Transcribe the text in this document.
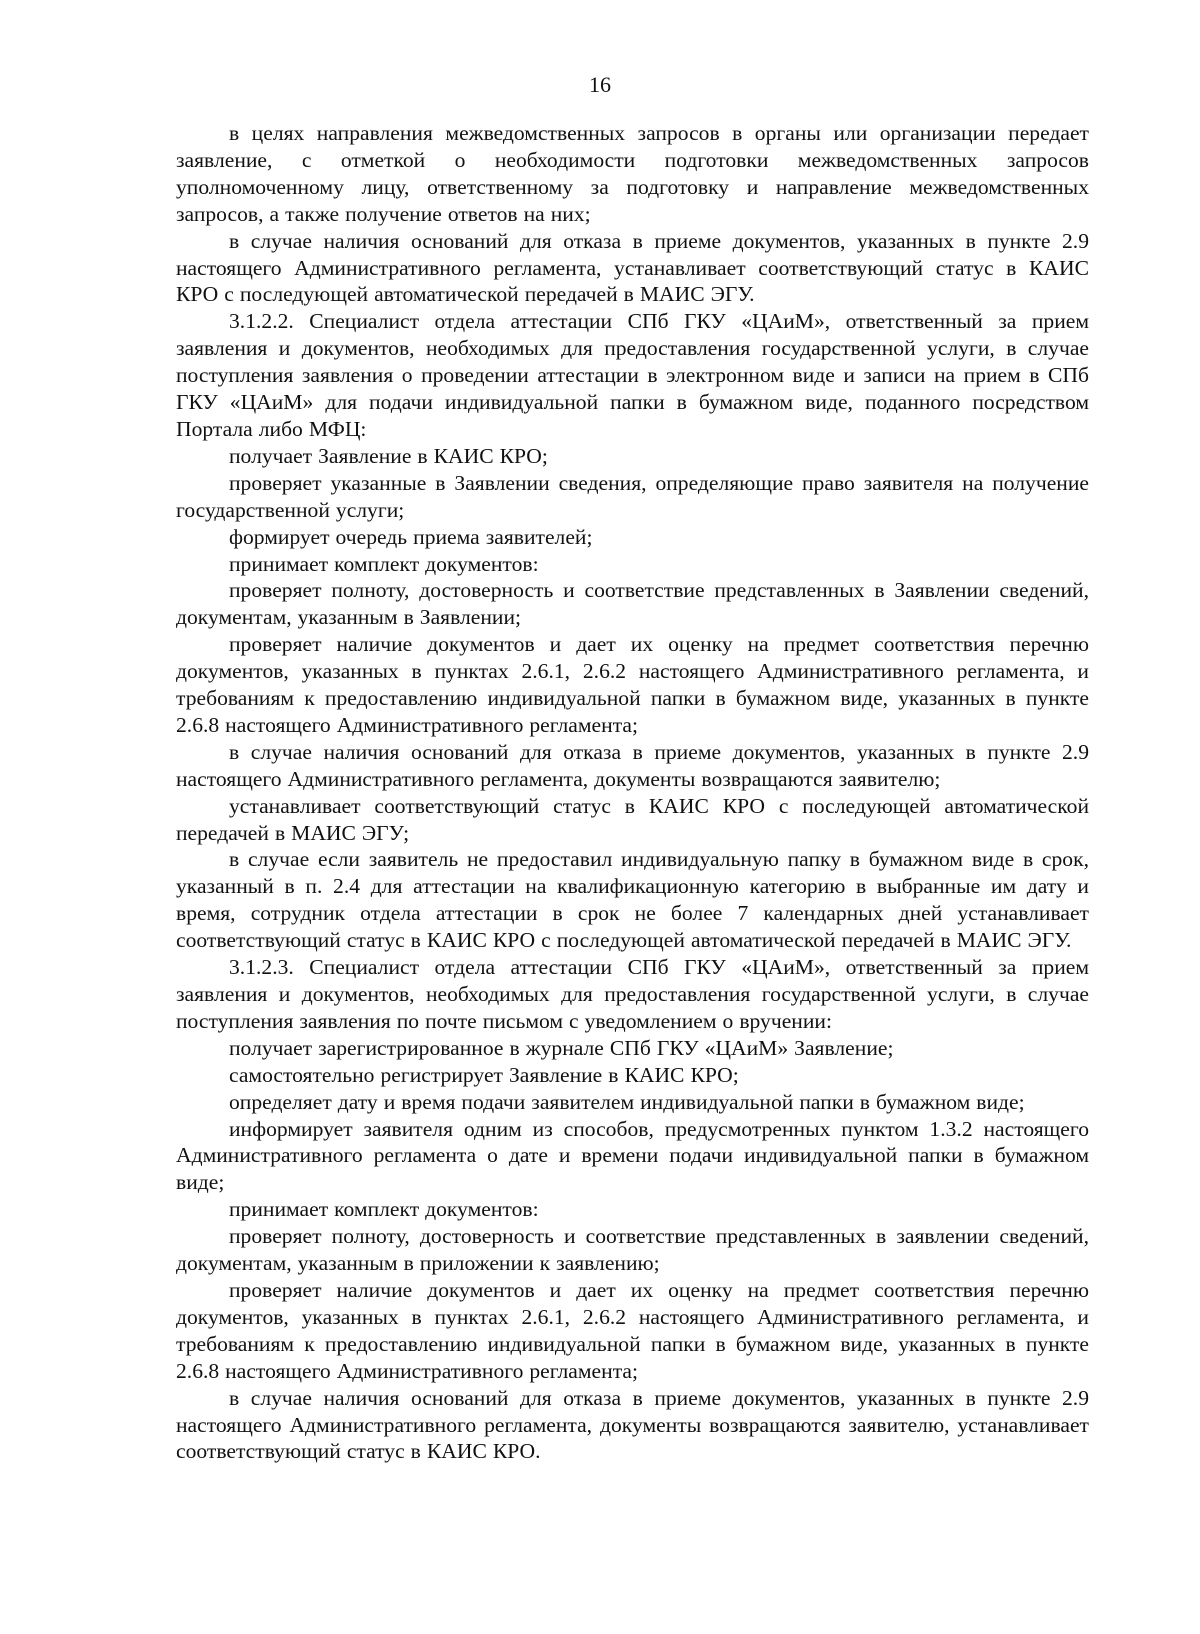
16

в целях направления межведомственных запросов в органы или организации передает заявление, с отметкой о необходимости подготовки межведомственных запросов уполномоченному лицу, ответственному за подготовку и направление межведомственных запросов, а также получение ответов на них;

в случае наличия оснований для отказа в приеме документов, указанных в пункте 2.9 настоящего Административного регламента, устанавливает соответствующий статус в КАИС КРО с последующей автоматической передачей в МАИС ЭГУ.

3.1.2.2. Специалист отдела аттестации СПб ГКУ «ЦАиМ», ответственный за прием заявления и документов, необходимых для предоставления государственной услуги, в случае поступления заявления о проведении аттестации в электронном виде и записи на прием в СПб ГКУ «ЦАиМ» для подачи индивидуальной папки в бумажном виде, поданного посредством Портала либо МФЦ:

получает Заявление в КАИС КРО;

проверяет указанные в Заявлении сведения, определяющие право заявителя на получение государственной услуги;

формирует очередь приема заявителей;

принимает комплект документов:

проверяет полноту, достоверность и соответствие представленных в Заявлении сведений, документам, указанным в Заявлении;

проверяет наличие документов и дает их оценку на предмет соответствия перечню документов, указанных в пунктах 2.6.1, 2.6.2 настоящего Административного регламента, и требованиям к предоставлению индивидуальной папки в бумажном виде, указанных в пункте 2.6.8 настоящего Административного регламента;

в случае наличия оснований для отказа в приеме документов, указанных в пункте 2.9 настоящего Административного регламента, документы возвращаются заявителю;

устанавливает соответствующий статус в КАИС КРО с последующей автоматической передачей в МАИС ЭГУ;

в случае если заявитель не предоставил индивидуальную папку в бумажном виде в срок, указанный в п. 2.4 для аттестации на квалификационную категорию в выбранные им дату и время, сотрудник отдела аттестации в срок не более 7 календарных дней устанавливает соответствующий статус в КАИС КРО с последующей автоматической передачей в МАИС ЭГУ.

3.1.2.3. Специалист отдела аттестации СПб ГКУ «ЦАиМ», ответственный за прием заявления и документов, необходимых для предоставления государственной услуги, в случае поступления заявления по почте письмом с уведомлением о вручении:

получает зарегистрированное в журнале СПб ГКУ «ЦАиМ» Заявление;

самостоятельно регистрирует Заявление в КАИС КРО;

определяет дату и время подачи заявителем индивидуальной папки в бумажном виде;

информирует заявителя одним из способов, предусмотренных пунктом 1.3.2 настоящего Административного регламента о дате и времени подачи индивидуальной папки в бумажном виде;

принимает комплект документов:

проверяет полноту, достоверность и соответствие представленных в заявлении сведений, документам, указанным в приложении к заявлению;

проверяет наличие документов и дает их оценку на предмет соответствия перечню документов, указанных в пунктах 2.6.1, 2.6.2 настоящего Административного регламента, и требованиям к предоставлению индивидуальной папки в бумажном виде, указанных в пункте 2.6.8 настоящего Административного регламента;

в случае наличия оснований для отказа в приеме документов, указанных в пункте 2.9 настоящего Административного регламента, документы возвращаются заявителю, устанавливает соответствующий статус в КАИС КРО.
